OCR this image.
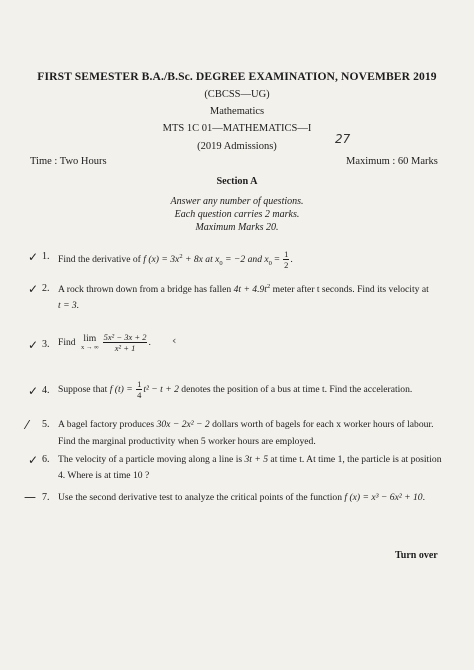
FIRST SEMESTER B.A./B.Sc. DEGREE EXAMINATION, NOVEMBER 2019
(CBCSS—UG)
Mathematics
MTS 1C 01—MATHEMATICS—I
(2019 Admissions)
27
Time : Two Hours	Maximum : 60 Marks
Section A
Answer any number of questions.
Each question carries 2 marks.
Maximum Marks 20.
✓ 1. Find the derivative of f $(x) = 3x^2 + 8x$ at $x_0 = -2$ and $x_0 = \frac{1}{2}$ .
✓ 2. A rock thrown down from a bridge has fallen $4t + 4.9t^2$ meter after t seconds. Find its velocity at
t = 3.
✓ 3. Find lim
x → ∞ $\frac{\text{5x² − 3x + 2}}{\text{x² + 1}}$ . ‹
✓ 4. Suppose that f $(t) = \frac{1}{4} t^2 - t + 2$ denotes the position of a bus at time t. Find the acceleration.
⁄ 5. A bagel factory produces 30x − 2x² − 2 dollars worth of bagels for each x worker hours of labour.
Find the marginal productivity when 5 worker hours are employed.
✓ 6. The velocity of a particle moving along a line is 3t + 5 at time t. At time 1, the particle is at position
4. Where is at time 10 ?
— 7. Use the second derivative test to analyze the critical points of the function f (x) = x³ − 6x² + 10.
Turn over
